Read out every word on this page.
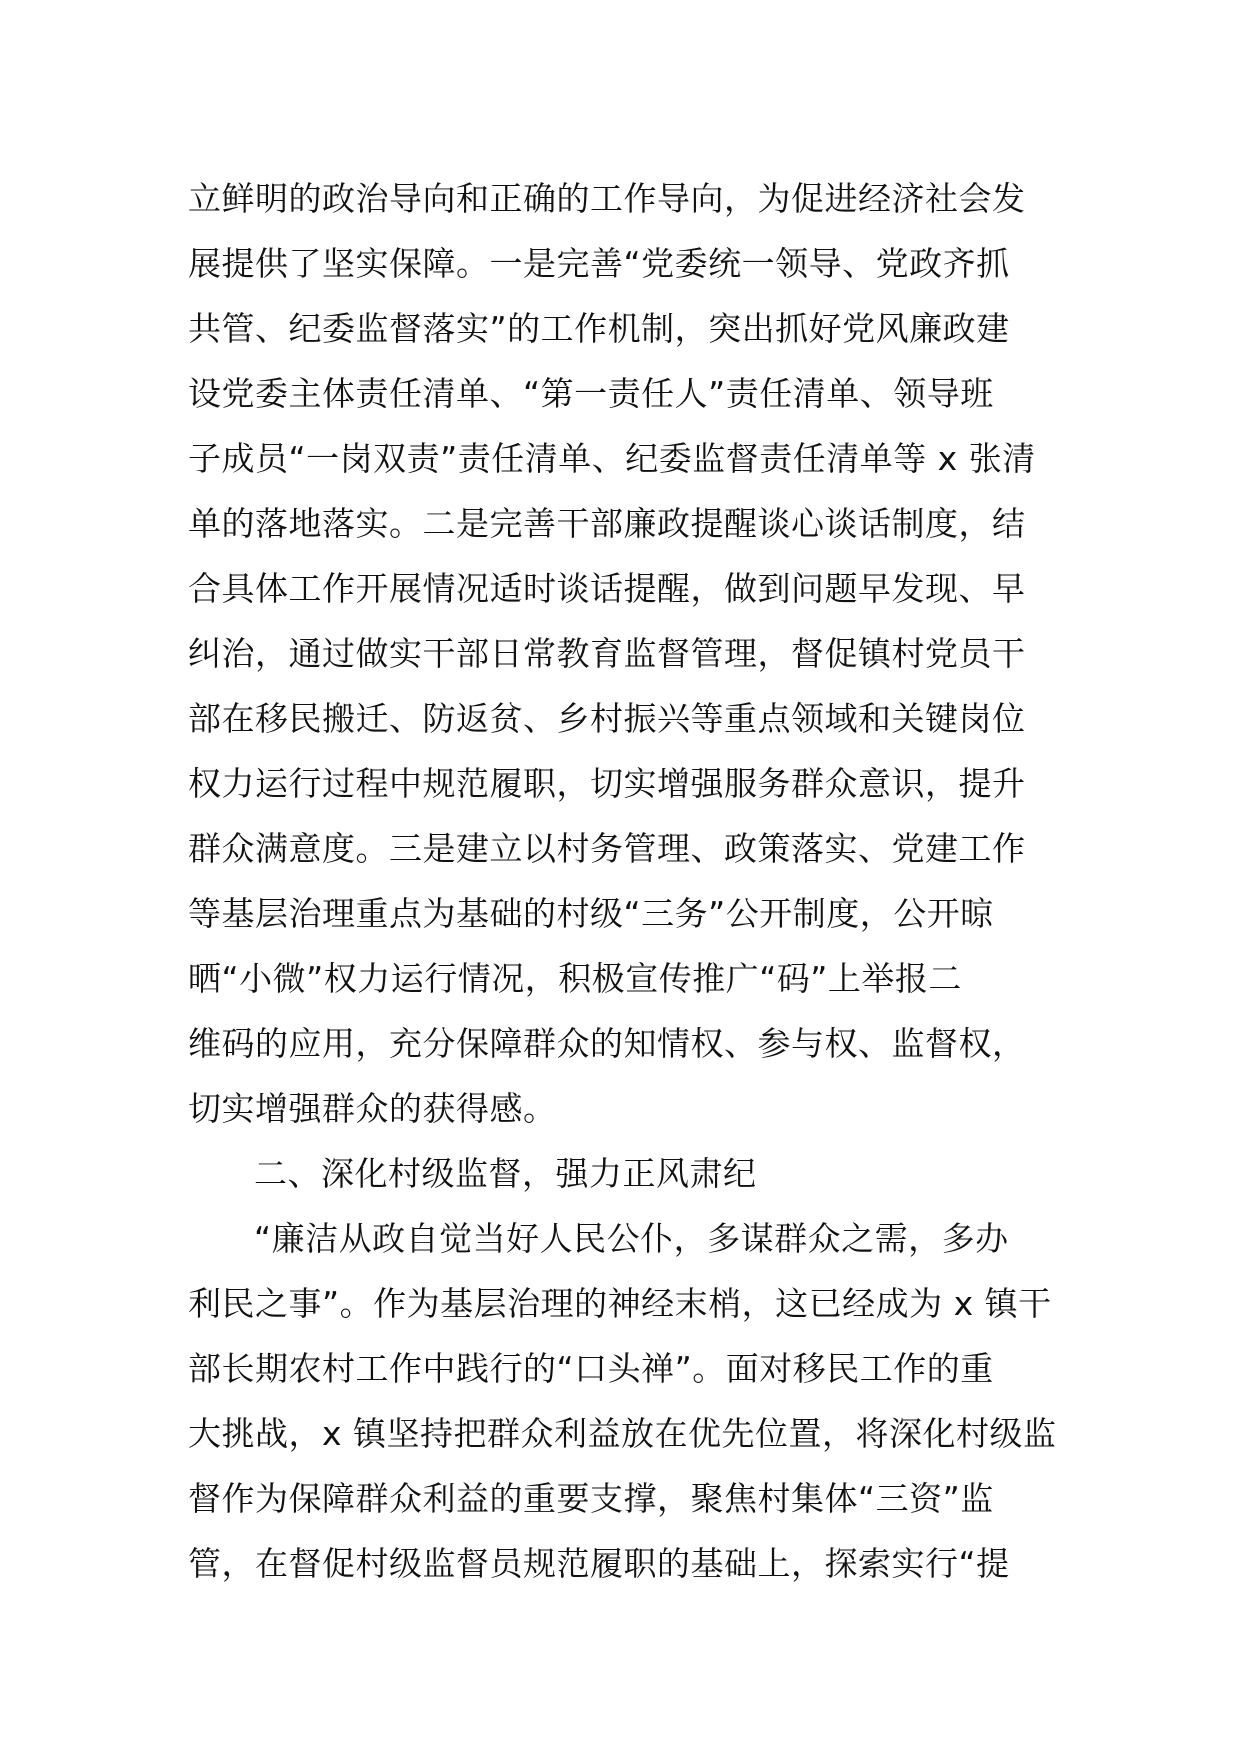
立鲜明的政治导向和正确的工作导向，为促进经济社会发
展提供了坚实保障。一是完善“党委统一领导、党政齐抓
共管、纪委监督落实”的工作机制，突出抓好党风廉政建
设党委主体责任清单、“第一责任人”责任清单、领导班
子成员“一岗双责”责任清单、纪委监督责任清单等 x 张清
单的落地落实。二是完善干部廉政提醒谈心谈话制度，结
合具体工作开展情况适时谈话提醒，做到问题早发现、早
纠治，通过做实干部日常教育监督管理，督促镇村党员干
部在移民搬迁、防返贫、乡村振兴等重点领域和关键岗位
权力运行过程中规范履职，切实增强服务群众意识，提升
群众满意度。三是建立以村务管理、政策落实、党建工作
等基层治理重点为基础的村级“三务”公开制度，公开晾
晒“小微”权力运行情况，积极宣传推广“码”上举报二
维码的应用，充分保障群众的知情权、参与权、监督权，
切实增强群众的获得感。
二、深化村级监督，强力正风肃纪
“廉洁从政自觉当好人民公仆，多谋群众之需，多办
利民之事”。作为基层治理的神经末梢，这已经成为 x 镇干
部长期农村工作中践行的“口头禅”。面对移民工作的重
大挑战，x 镇坚持把群众利益放在优先位置，将深化村级监
督作为保障群众利益的重要支撑，聚焦村集体“三资”监
管，在督促村级监督员规范履职的基础上，探索实行“提
